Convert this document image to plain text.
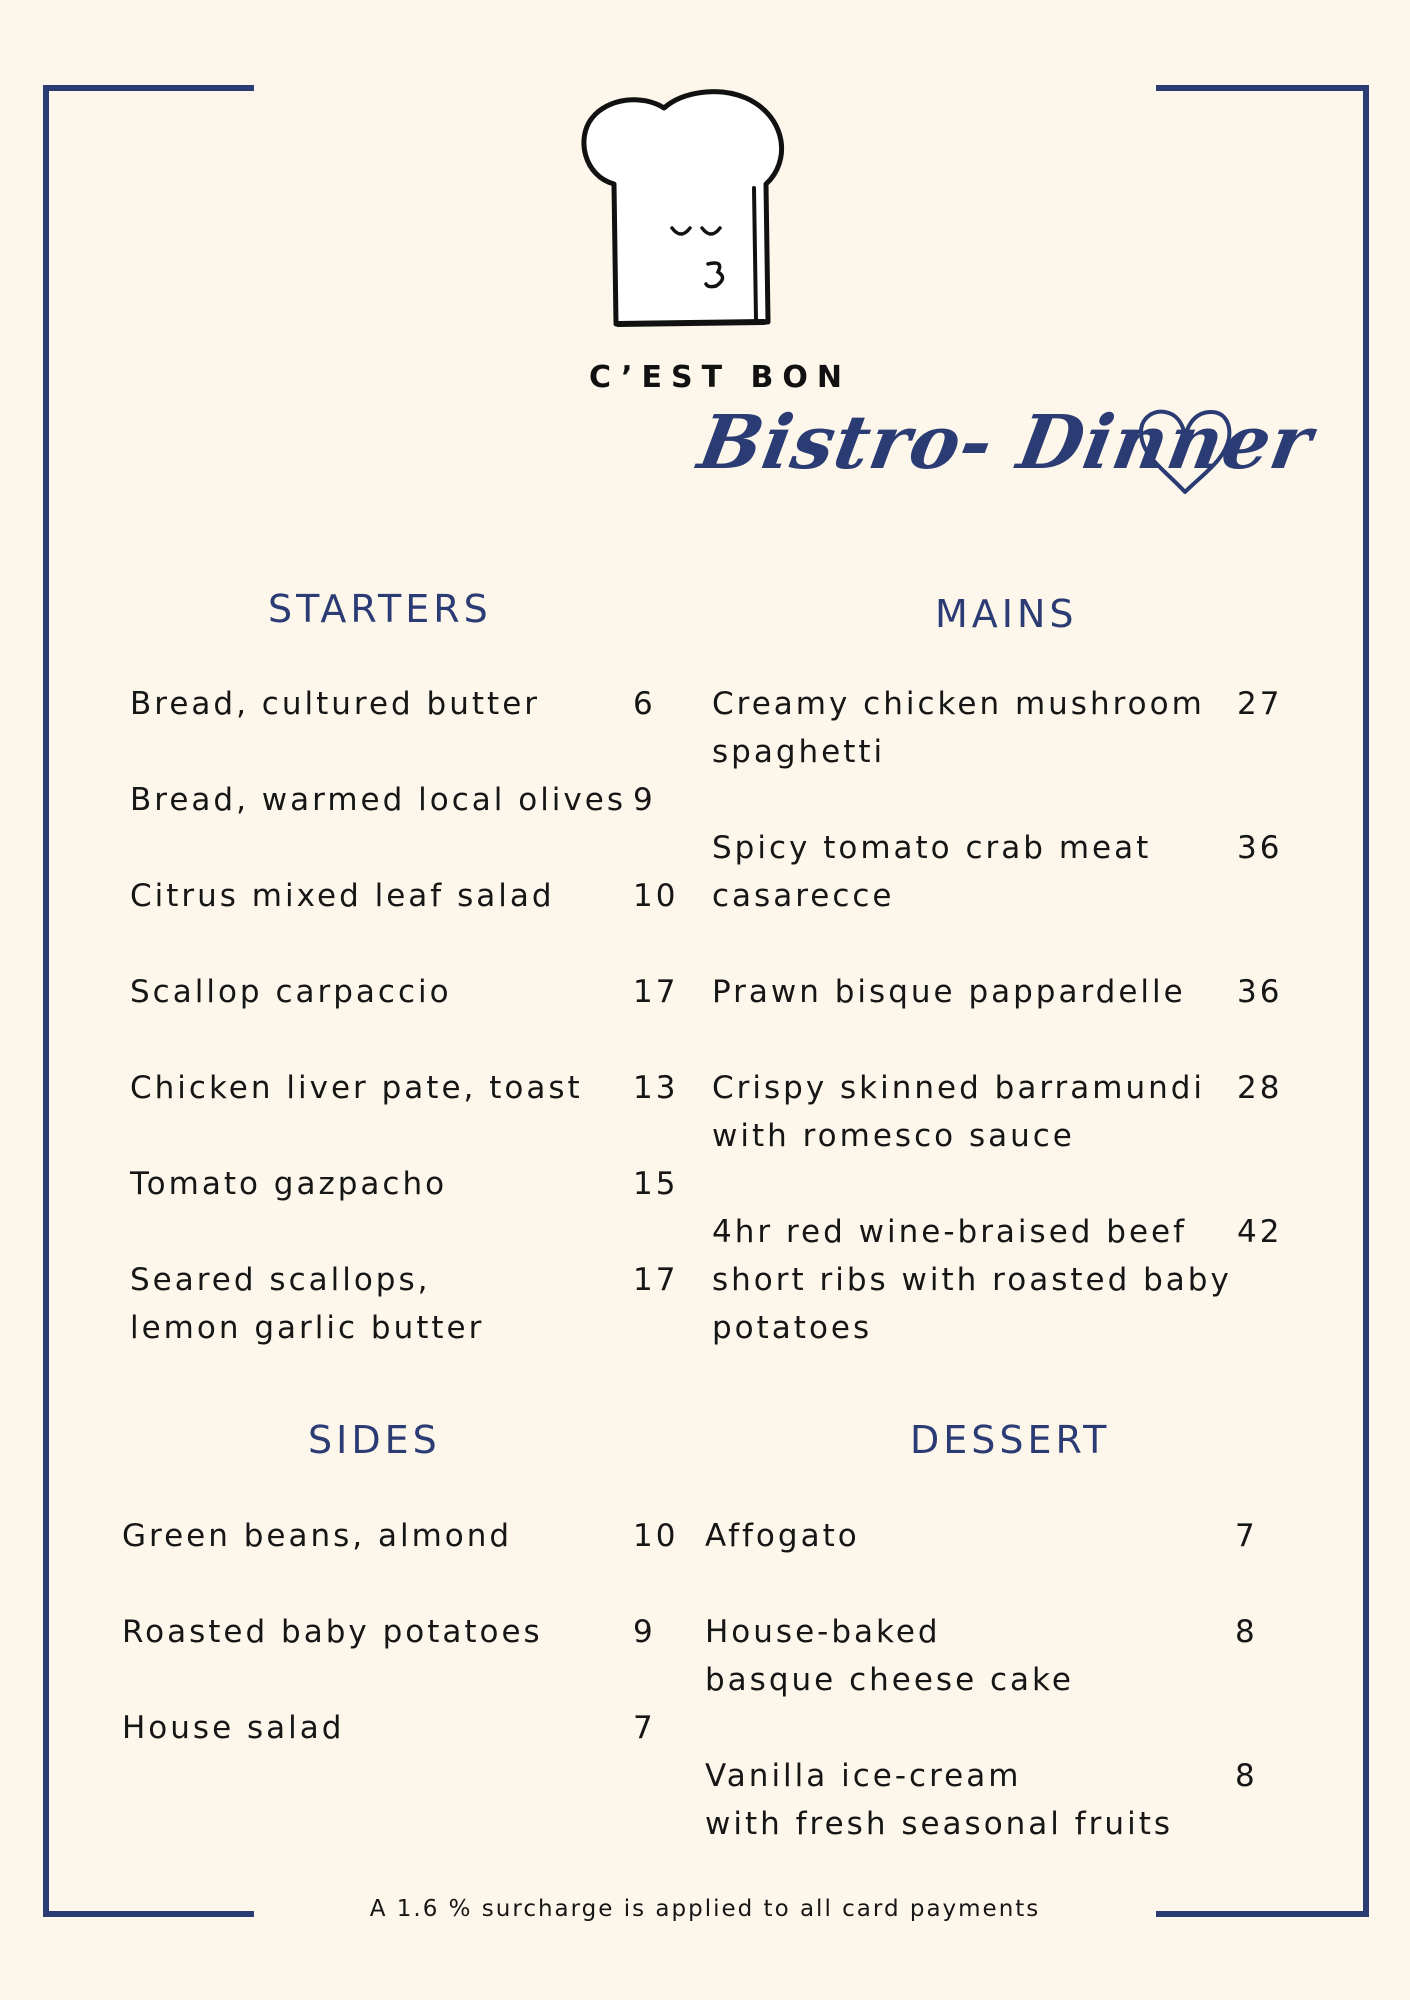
C’EST BON
Bistro- Dinner
STARTERS	MAINS
SIDES	DESSERT
Bread, cultured butter	6
Bread, warmed local olives 9
Citrus mixed leaf salad	10
Scallop carpaccio	17
Chicken liver pate, toast 13
Tomato gazpacho	15
Seared scallops,
lemon garlic butter
17
Creamy chicken mushroom
spaghetti
27
Spicy tomato crab meat
casarecce
36
Prawn bisque pappardelle 36
Crispy skinned barramundi
with romesco sauce
28
4hr red wine-braised beef
short ribs with roasted baby
potatoes
42
Green beans, almond	10
Roasted baby potatoes	9
House salad	7
Affogato	7
House-baked
basque cheese cake
8
Vanilla ice-cream
with fresh seasonal fruits
8
A 1.6 % surcharge is applied to all card payments
